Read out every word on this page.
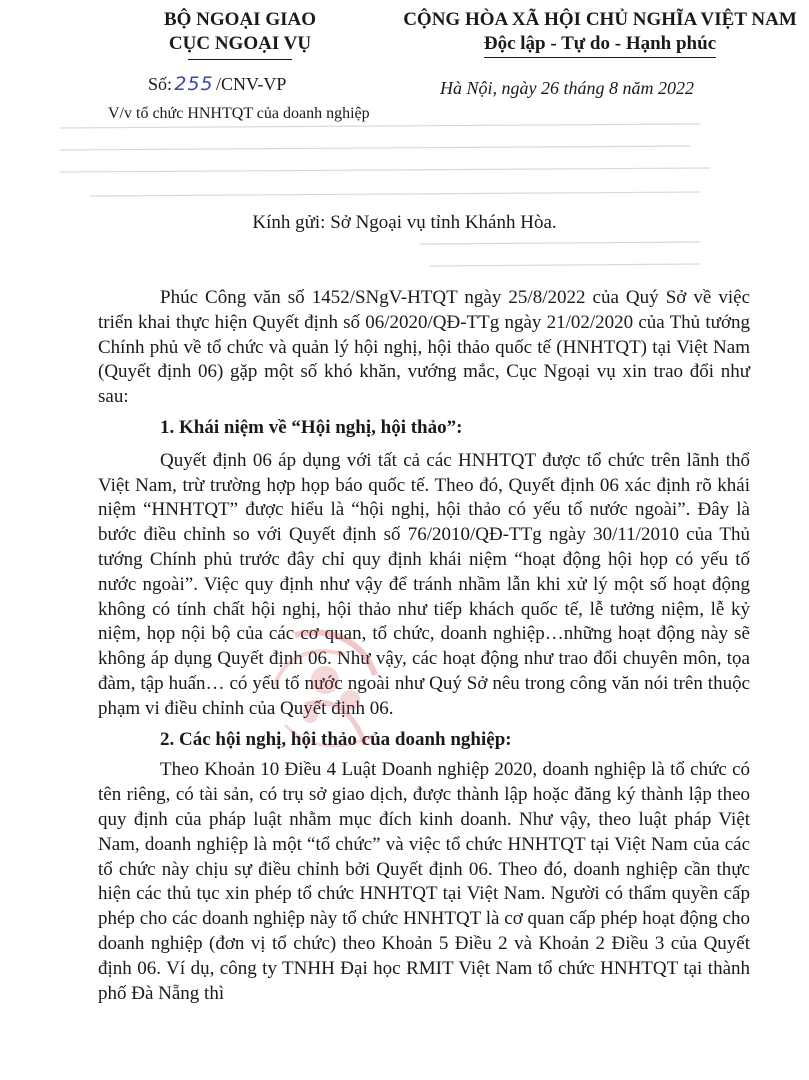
BỘ NGOẠI GIAO
CỤC NGOẠI VỤ
CỘNG HÒA XÃ HỘI CHỦ NGHĨA VIỆT NAM
Độc lập - Tự do - Hạnh phúc
Số: 255 /CNV-VP
V/v tổ chức HNHTQT của doanh nghiệp
Hà Nội, ngày 26 tháng 8 năm 2022
Kính gửi: Sở Ngoại vụ tỉnh Khánh Hòa.

Phúc Công văn số 1452/SNgV-HTQT ngày 25/8/2022 của Quý Sở về việc triển khai thực hiện Quyết định số 06/2020/QĐ-TTg ngày 21/02/2020 của Thủ tướng Chính phủ về tổ chức và quản lý hội nghị, hội thảo quốc tế (HNHTQT) tại Việt Nam (Quyết định 06) gặp một số khó khăn, vướng mắc, Cục Ngoại vụ xin trao đổi như sau:

1. Khái niệm về “Hội nghị, hội thảo”:

Quyết định 06 áp dụng với tất cả các HNHTQT được tổ chức trên lãnh thổ Việt Nam, trừ trường hợp họp báo quốc tế. Theo đó, Quyết định 06 xác định rõ khái niệm “HNHTQT” được hiểu là “hội nghị, hội thảo có yếu tố nước ngoài”. Đây là bước điều chỉnh so với Quyết định số 76/2010/QĐ-TTg ngày 30/11/2010 của Thủ tướng Chính phủ trước đây chỉ quy định khái niệm “hoạt động hội họp có yếu tố nước ngoài”. Việc quy định như vậy để tránh nhầm lẫn khi xử lý một số hoạt động không có tính chất hội nghị, hội thảo như tiếp khách quốc tế, lễ tưởng niệm, lễ kỷ niệm, họp nội bộ của các cơ quan, tổ chức, doanh nghiệp…những hoạt động này sẽ không áp dụng Quyết định 06. Như vậy, các hoạt động như trao đổi chuyên môn, tọa đàm, tập huấn… có yếu tố nước ngoài như Quý Sở nêu trong công văn nói trên thuộc phạm vi điều chỉnh của Quyết định 06.

2. Các hội nghị, hội thảo của doanh nghiệp:

Theo Khoản 10 Điều 4 Luật Doanh nghiệp 2020, doanh nghiệp là tổ chức có tên riêng, có tài sản, có trụ sở giao dịch, được thành lập hoặc đăng ký thành lập theo quy định của pháp luật nhằm mục đích kinh doanh. Như vậy, theo luật pháp Việt Nam, doanh nghiệp là một “tổ chức” và việc tổ chức HNHTQT tại Việt Nam của các tổ chức này chịu sự điều chỉnh bởi Quyết định 06. Theo đó, doanh nghiệp cần thực hiện các thủ tục xin phép tổ chức HNHTQT tại Việt Nam. Người có thẩm quyền cấp phép cho các doanh nghiệp này tổ chức HNHTQT là cơ quan cấp phép hoạt động cho doanh nghiệp (đơn vị tổ chức) theo Khoản 5 Điều 2 và Khoản 2 Điều 3 của Quyết định 06. Ví dụ, công ty TNHH Đại học RMIT Việt Nam tổ chức HNHTQT tại thành phố Đà Nẵng thì
